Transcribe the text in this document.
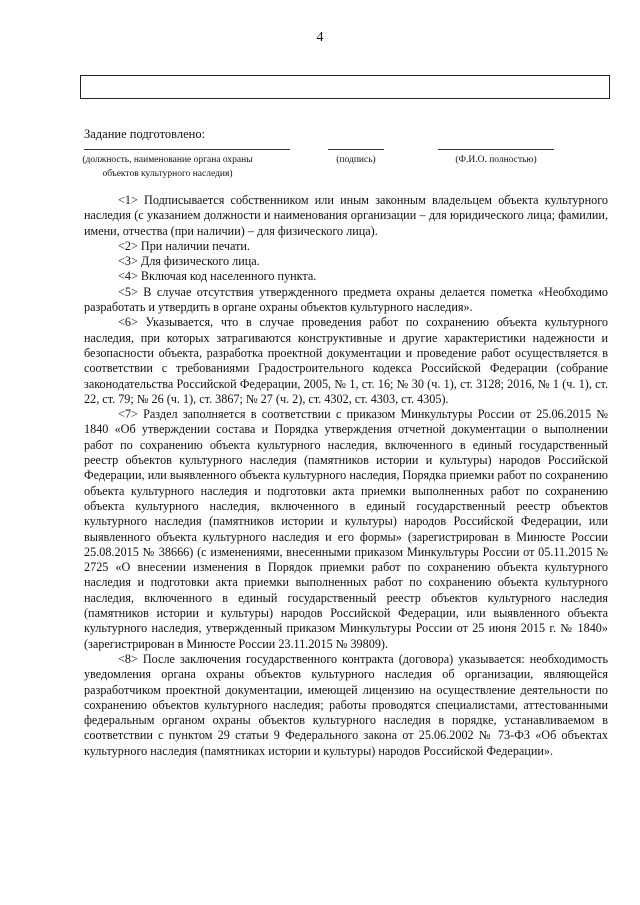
4
Задание подготовлено:
(должность, наименование органа охраны объектов культурного наследия)
(подпись)	(Ф.И.О. полностью)

<1> Подписывается собственником или иным законным владельцем объекта культурного наследия (с указанием должности и наименования организации – для юридического лица; фамилии, имени, отчества (при наличии) – для физического лица).

<2> При наличии печати.

<3> Для физического лица.

<4> Включая код населенного пункта.

<5> В случае отсутствия утвержденного предмета охраны делается пометка «Необходимо разработать и утвердить в органе охраны объектов культурного наследия».

<6> Указывается, что в случае проведения работ по сохранению объекта культурного наследия, при которых затрагиваются конструктивные и другие характеристики надежности и безопасности объекта, разработка проектной документации и проведение работ осуществляется в соответствии с требованиями Градостроительного кодекса Российской Федерации (собрание законодательства Российской Федерации, 2005, № 1, ст. 16; № 30 (ч. 1), ст. 3128; 2016, № 1 (ч. 1), ст. 22, ст. 79; № 26 (ч. 1), ст. 3867; № 27 (ч. 2), ст. 4302, ст. 4303, ст. 4305).

<7> Раздел заполняется в соответствии с приказом Минкультуры России от 25.06.2015 № 1840 «Об утверждении состава и Порядка утверждения отчетной документации о выполнении работ по сохранению объекта культурного наследия, включенного в единый государственный реестр объектов культурного наследия (памятников истории и культуры) народов Российской Федерации, или выявленного объекта культурного наследия, Порядка приемки работ по сохранению объекта культурного наследия и подготовки акта приемки выполненных работ по сохранению объекта культурного наследия, включенного в единый государственный реестр объектов культурного наследия (памятников истории и культуры) народов Российской Федерации, или выявленного объекта культурного наследия и его формы» (зарегистрирован в Минюсте России 25.08.2015 № 38666) (с изменениями, внесенными приказом Минкультуры России от 05.11.2015 № 2725 «О внесении изменения в Порядок приемки работ по сохранению объекта культурного наследия и подготовки акта приемки выполненных работ по сохранению объекта культурного наследия, включенного в единый государственный реестр объектов культурного наследия (памятников истории и культуры) народов Российской Федерации, или выявленного объекта культурного наследия, утвержденный приказом Минкультуры России от 25 июня 2015 г. № 1840» (зарегистрирован в Минюсте России 23.11.2015 № 39809).

<8> После заключения государственного контракта (договора) указывается: необходимость уведомления органа охраны объектов культурного наследия об организации, являющейся разработчиком проектной документации, имеющей лицензию на осуществление деятельности по сохранению объектов культурного наследия; работы проводятся специалистами, аттестованными федеральным органом охраны объектов культурного наследия в порядке, устанавливаемом в соответствии с пунктом 29 статьи 9 Федерального закона от 25.06.2002 № 73-ФЗ «Об объектах культурного наследия (памятниках истории и культуры) народов Российской Федерации».
